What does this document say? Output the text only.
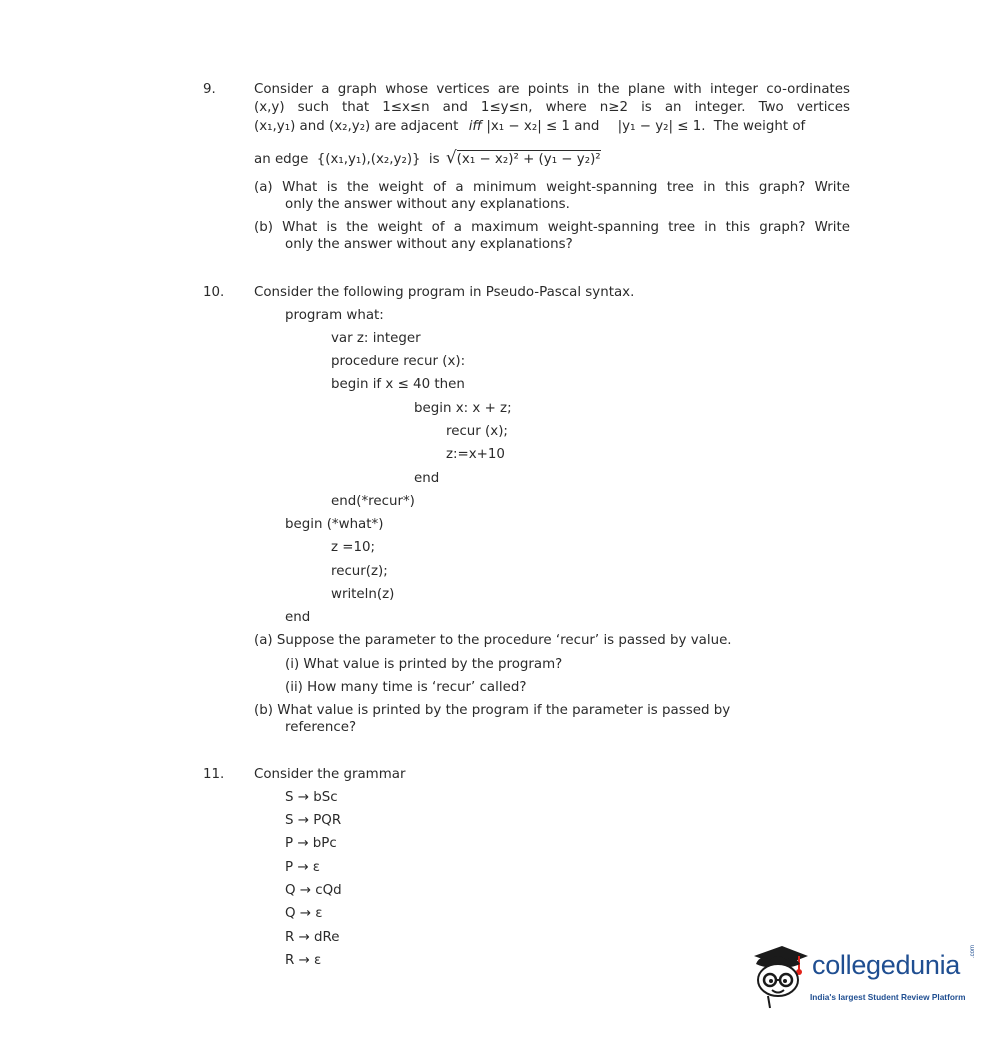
9.	Consider a graph whose vertices are points in the plane with integer co-ordinates
(x,y) such that 1≤x≤n and 1≤y≤n, where n≥2 is an integer. Two vertices
(x₁,y₁) and (x₂,y₂) are adjacent iff |x₁ − x₂| ≤ 1 and |y₁ − y₂| ≤ 1. The weight of
an edge {(x₁,y₁),(x₂,y₂)} is √(x₁ − x₂)² + (y₁ − y₂)²
(a) What is the weight of a minimum weight-spanning tree in this graph? Write
only the answer without any explanations.
(b) What is the weight of a maximum weight-spanning tree in this graph? Write
only the answer without any explanations?
10. Consider the following program in Pseudo-Pascal syntax.
program what:
var z: integer
procedure recur (x):
begin if x ≤ 40 then
begin x: x + z;
recur (x);
z:=x+10
end
end(*recur*)
begin (*what*)
z =10;
recur(z);
writeln(z)
end
(a) Suppose the parameter to the procedure ‘recur’ is passed by value.
(i) What value is printed by the program?
(ii) How many time is ‘recur’ called?
(b) What value is printed by the program if the parameter is passed by
reference?
11. Consider the grammar
S → bSc
S → PQR
P → bPc
P → ε
Q → cQd
Q → ε
R → dRe
R → ε	collegedunia .com
India's largest Student Review Platform
